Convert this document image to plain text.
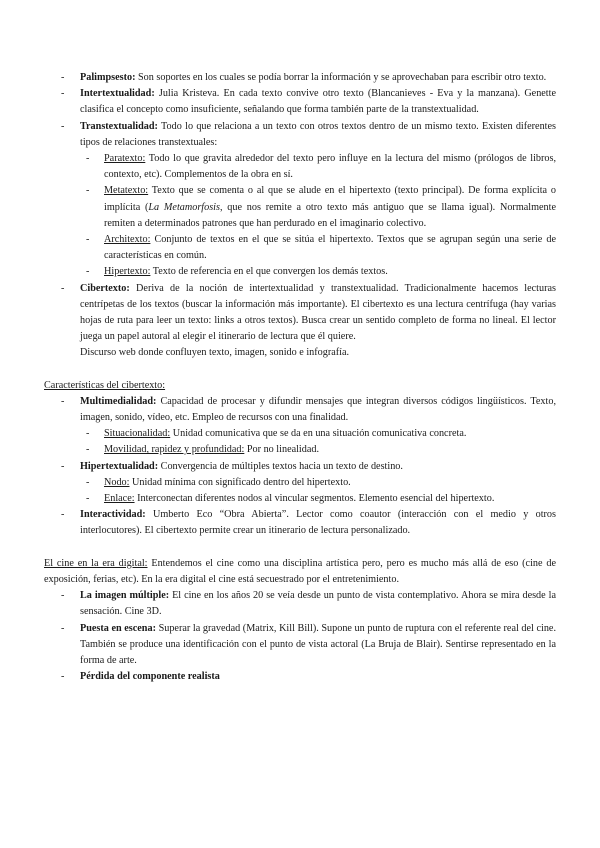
- Palimpsesto: Son soportes en los cuales se podía borrar la información y se aprovechaban para escribir otro texto.
- Intertextualidad: Julia Kristeva. En cada texto convive otro texto (Blancanieves - Eva y la manzana). Genette clasifica el concepto como insuficiente, señalando que forma también parte de la transtextualidad.
- Transtextualidad: Todo lo que relaciona a un texto con otros textos dentro de un mismo texto. Existen diferentes tipos de relaciones transtextuales:
- Paratexto: Todo lo que gravita alrededor del texto pero influye en la lectura del mismo (prólogos de libros, contexto, etc). Complementos de la obra en sí.
- Metatexto: Texto que se comenta o al que se alude en el hipertexto (texto principal). De forma explícita o implícita (La Metamorfosis, que nos remite a otro texto más antiguo que se llama igual). Normalmente remiten a determinados patrones que han perdurado en el imaginario colectivo.
- Architexto: Conjunto de textos en el que se sitúa el hipertexto. Textos que se agrupan según una serie de características en común.
- Hipertexto: Texto de referencia en el que convergen los demás textos.
- Cibertexto: Deriva de la noción de intertextualidad y transtextualidad. Tradicionalmente hacemos lecturas centrípetas de los textos (buscar la información más importante). El cibertexto es una lectura centrífuga (hay varias hojas de ruta para leer un texto: links a otros textos). Busca crear un sentido completo de forma no lineal. El lector juega un papel autoral al elegir el itinerario de lectura que él quiere.

Discurso web donde confluyen texto, imagen, sonido e infografía.

Características del cibertexto:

- Multimedialidad: Capacidad de procesar y difundir mensajes que integran diversos códigos lingüísticos. Texto, imagen, sonido, vídeo, etc. Empleo de recursos con una finalidad.
- Situacionalidad: Unidad comunicativa que se da en una situación comunicativa concreta.
- Movilidad, rapidez y profundidad: Por no linealidad.
- Hipertextualidad: Convergencia de múltiples textos hacia un texto de destino.
- Nodo: Unidad mínima con significado dentro del hipertexto.
- Enlace: Interconectan diferentes nodos al vincular segmentos. Elemento esencial del hipertexto.
- Interactividad: Umberto Eco “Obra Abierta”. Lector como coautor (interacción con el medio y otros interlocutores). El cibertexto permite crear un itinerario de lectura personalizado.

El cine en la era digital: Entendemos el cine como una disciplina artística pero, pero es mucho más allá de eso (cine de exposición, ferias, etc). En la era digital el cine está secuestrado por el entretenimiento.

- La imagen múltiple: El cine en los años 20 se veía desde un punto de vista contemplativo. Ahora se mira desde la sensación. Cine 3D.
- Puesta en escena: Superar la gravedad (Matrix, Kill Bill). Supone un punto de ruptura con el referente real del cine. También se produce una identificación con el punto de vista actoral (La Bruja de Blair). Sentirse representado en la forma de arte.
- Pérdida del componente realista
